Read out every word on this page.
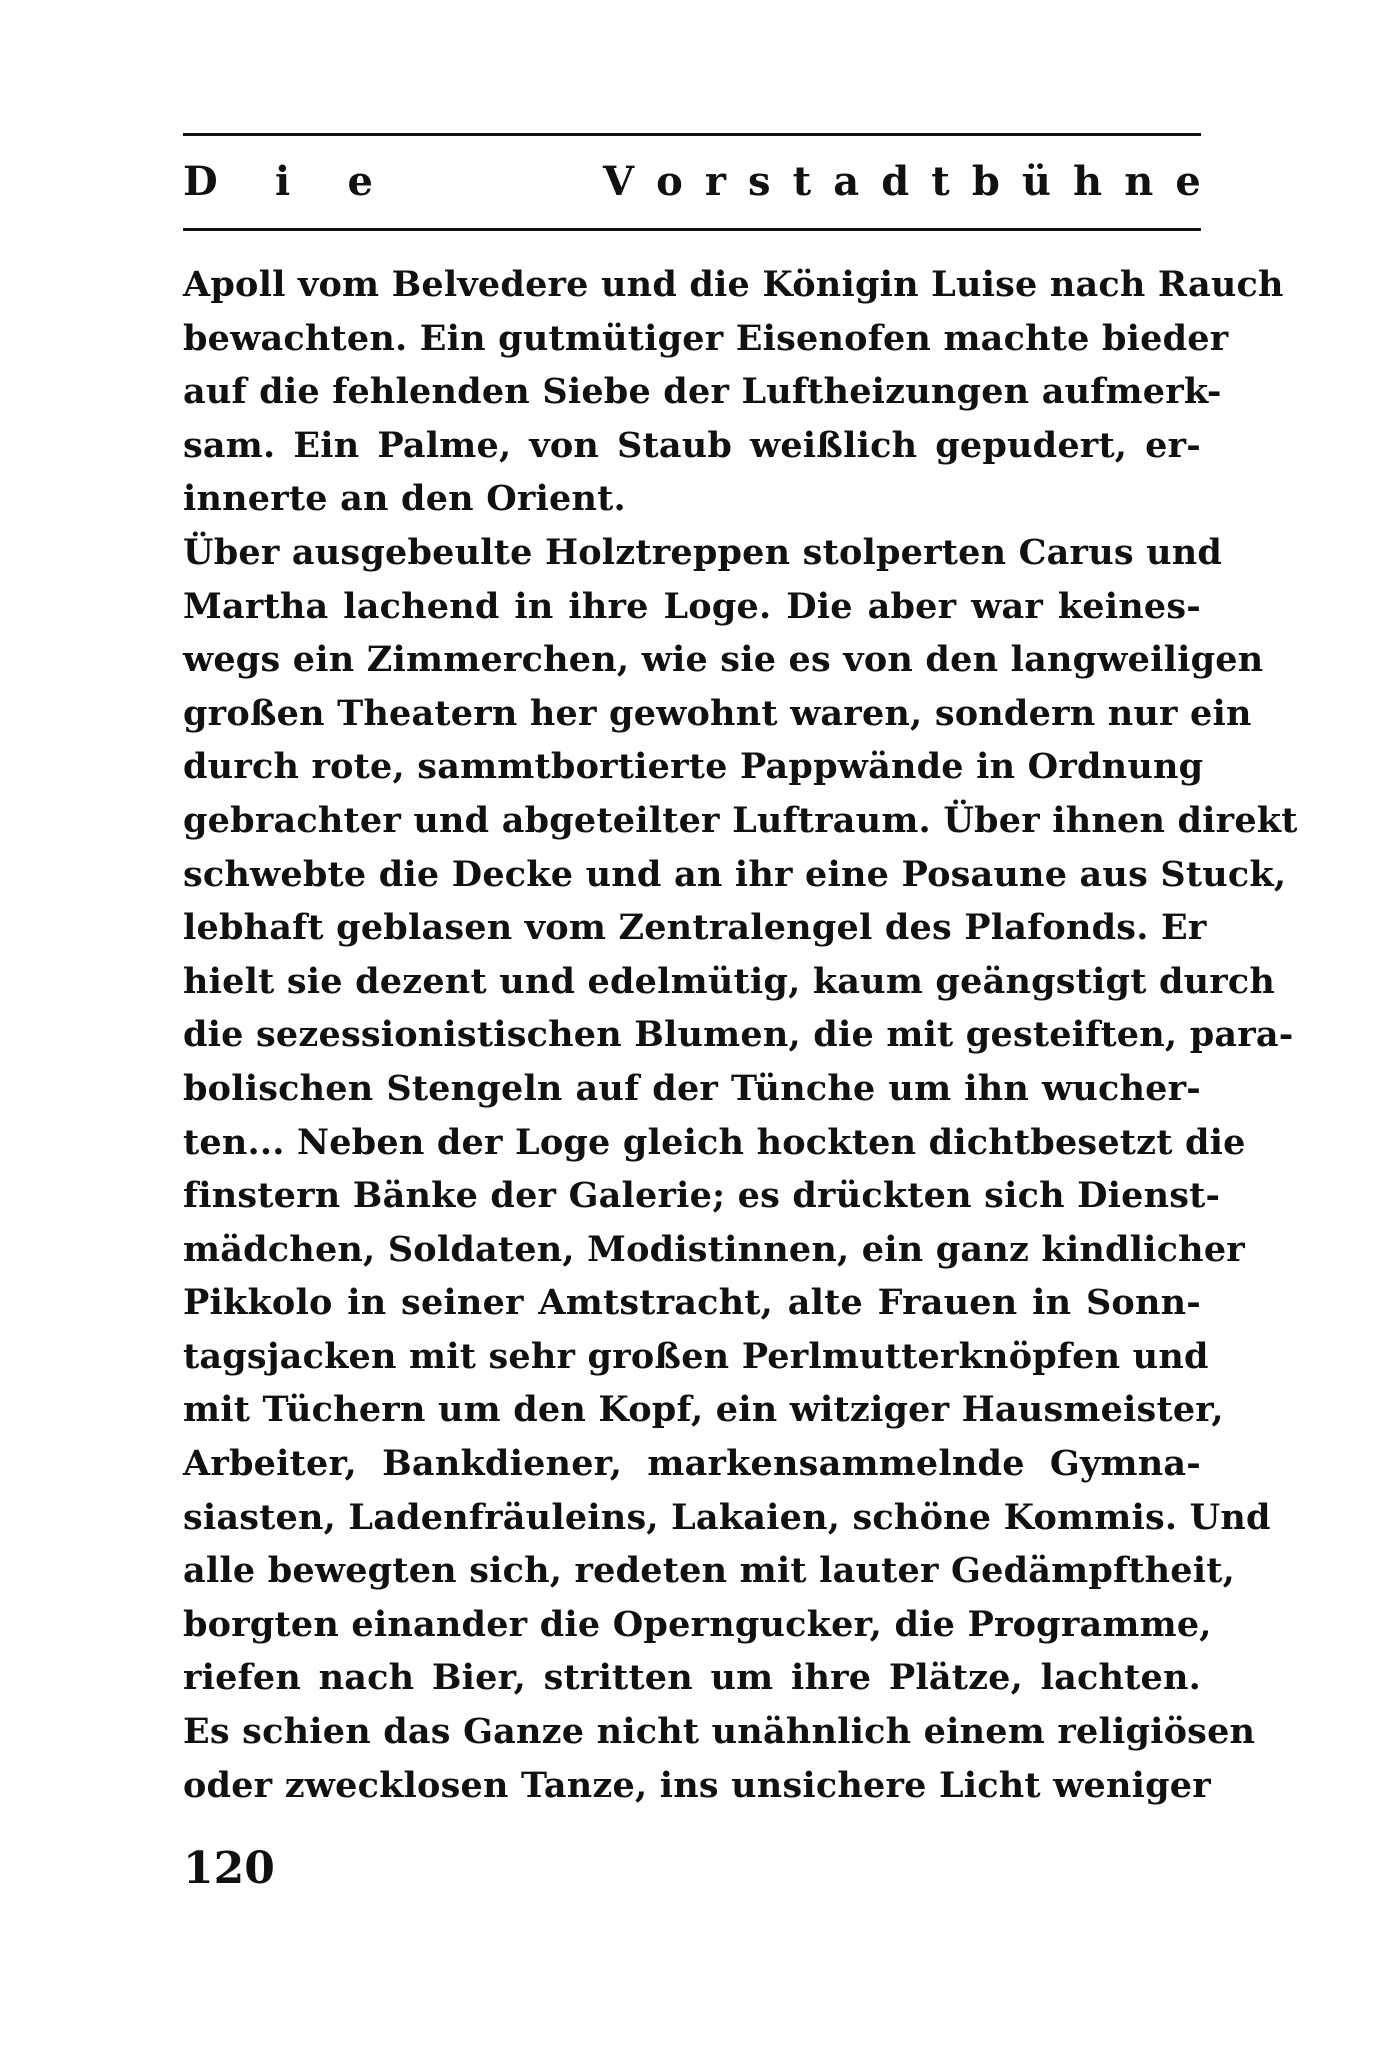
D i e	V o r s t a d t b ü h n e
Apoll vom Belvedere und die Königin Luise nach Rauch
bewachten. Ein gutmütiger Eisenofen machte bieder
auf die fehlenden Siebe der Luftheizungen aufmerk-
sam. Ein Palme, von Staub weißlich gepudert, er-
innerte an den Orient.
Über ausgebeulte Holztreppen stolperten Carus und
Martha lachend in ihre Loge. Die aber war keines-
wegs ein Zimmerchen, wie sie es von den langweiligen
großen Theatern her gewohnt waren, sondern nur ein
durch rote, sammtbortierte Pappwände in Ordnung
gebrachter und abgeteilter Luftraum. Über ihnen direkt
schwebte die Decke und an ihr eine Posaune aus Stuck,
lebhaft geblasen vom Zentralengel des Plafonds. Er
hielt sie dezent und edelmütig, kaum geängstigt durch
die sezessionistischen Blumen, die mit gesteiften, para-
bolischen Stengeln auf der Tünche um ihn wucher-
ten... Neben der Loge gleich hockten dichtbesetzt die
finstern Bänke der Galerie; es drückten sich Dienst-
mädchen, Soldaten, Modistinnen, ein ganz kindlicher
Pikkolo in seiner Amtstracht, alte Frauen in Sonn-
tagsjacken mit sehr großen Perlmutterknöpfen und
mit Tüchern um den Kopf, ein witziger Hausmeister,
Arbeiter, Bankdiener, markensammelnde Gymna-
siasten, Ladenfräuleins, Lakaien, schöne Kommis. Und
alle bewegten sich, redeten mit lauter Gedämpftheit,
borgten einander die Operngucker, die Programme,
riefen nach Bier, stritten um ihre Plätze, lachten.
Es schien das Ganze nicht unähnlich einem religiösen
oder zwecklosen Tanze, ins unsichere Licht weniger
120
